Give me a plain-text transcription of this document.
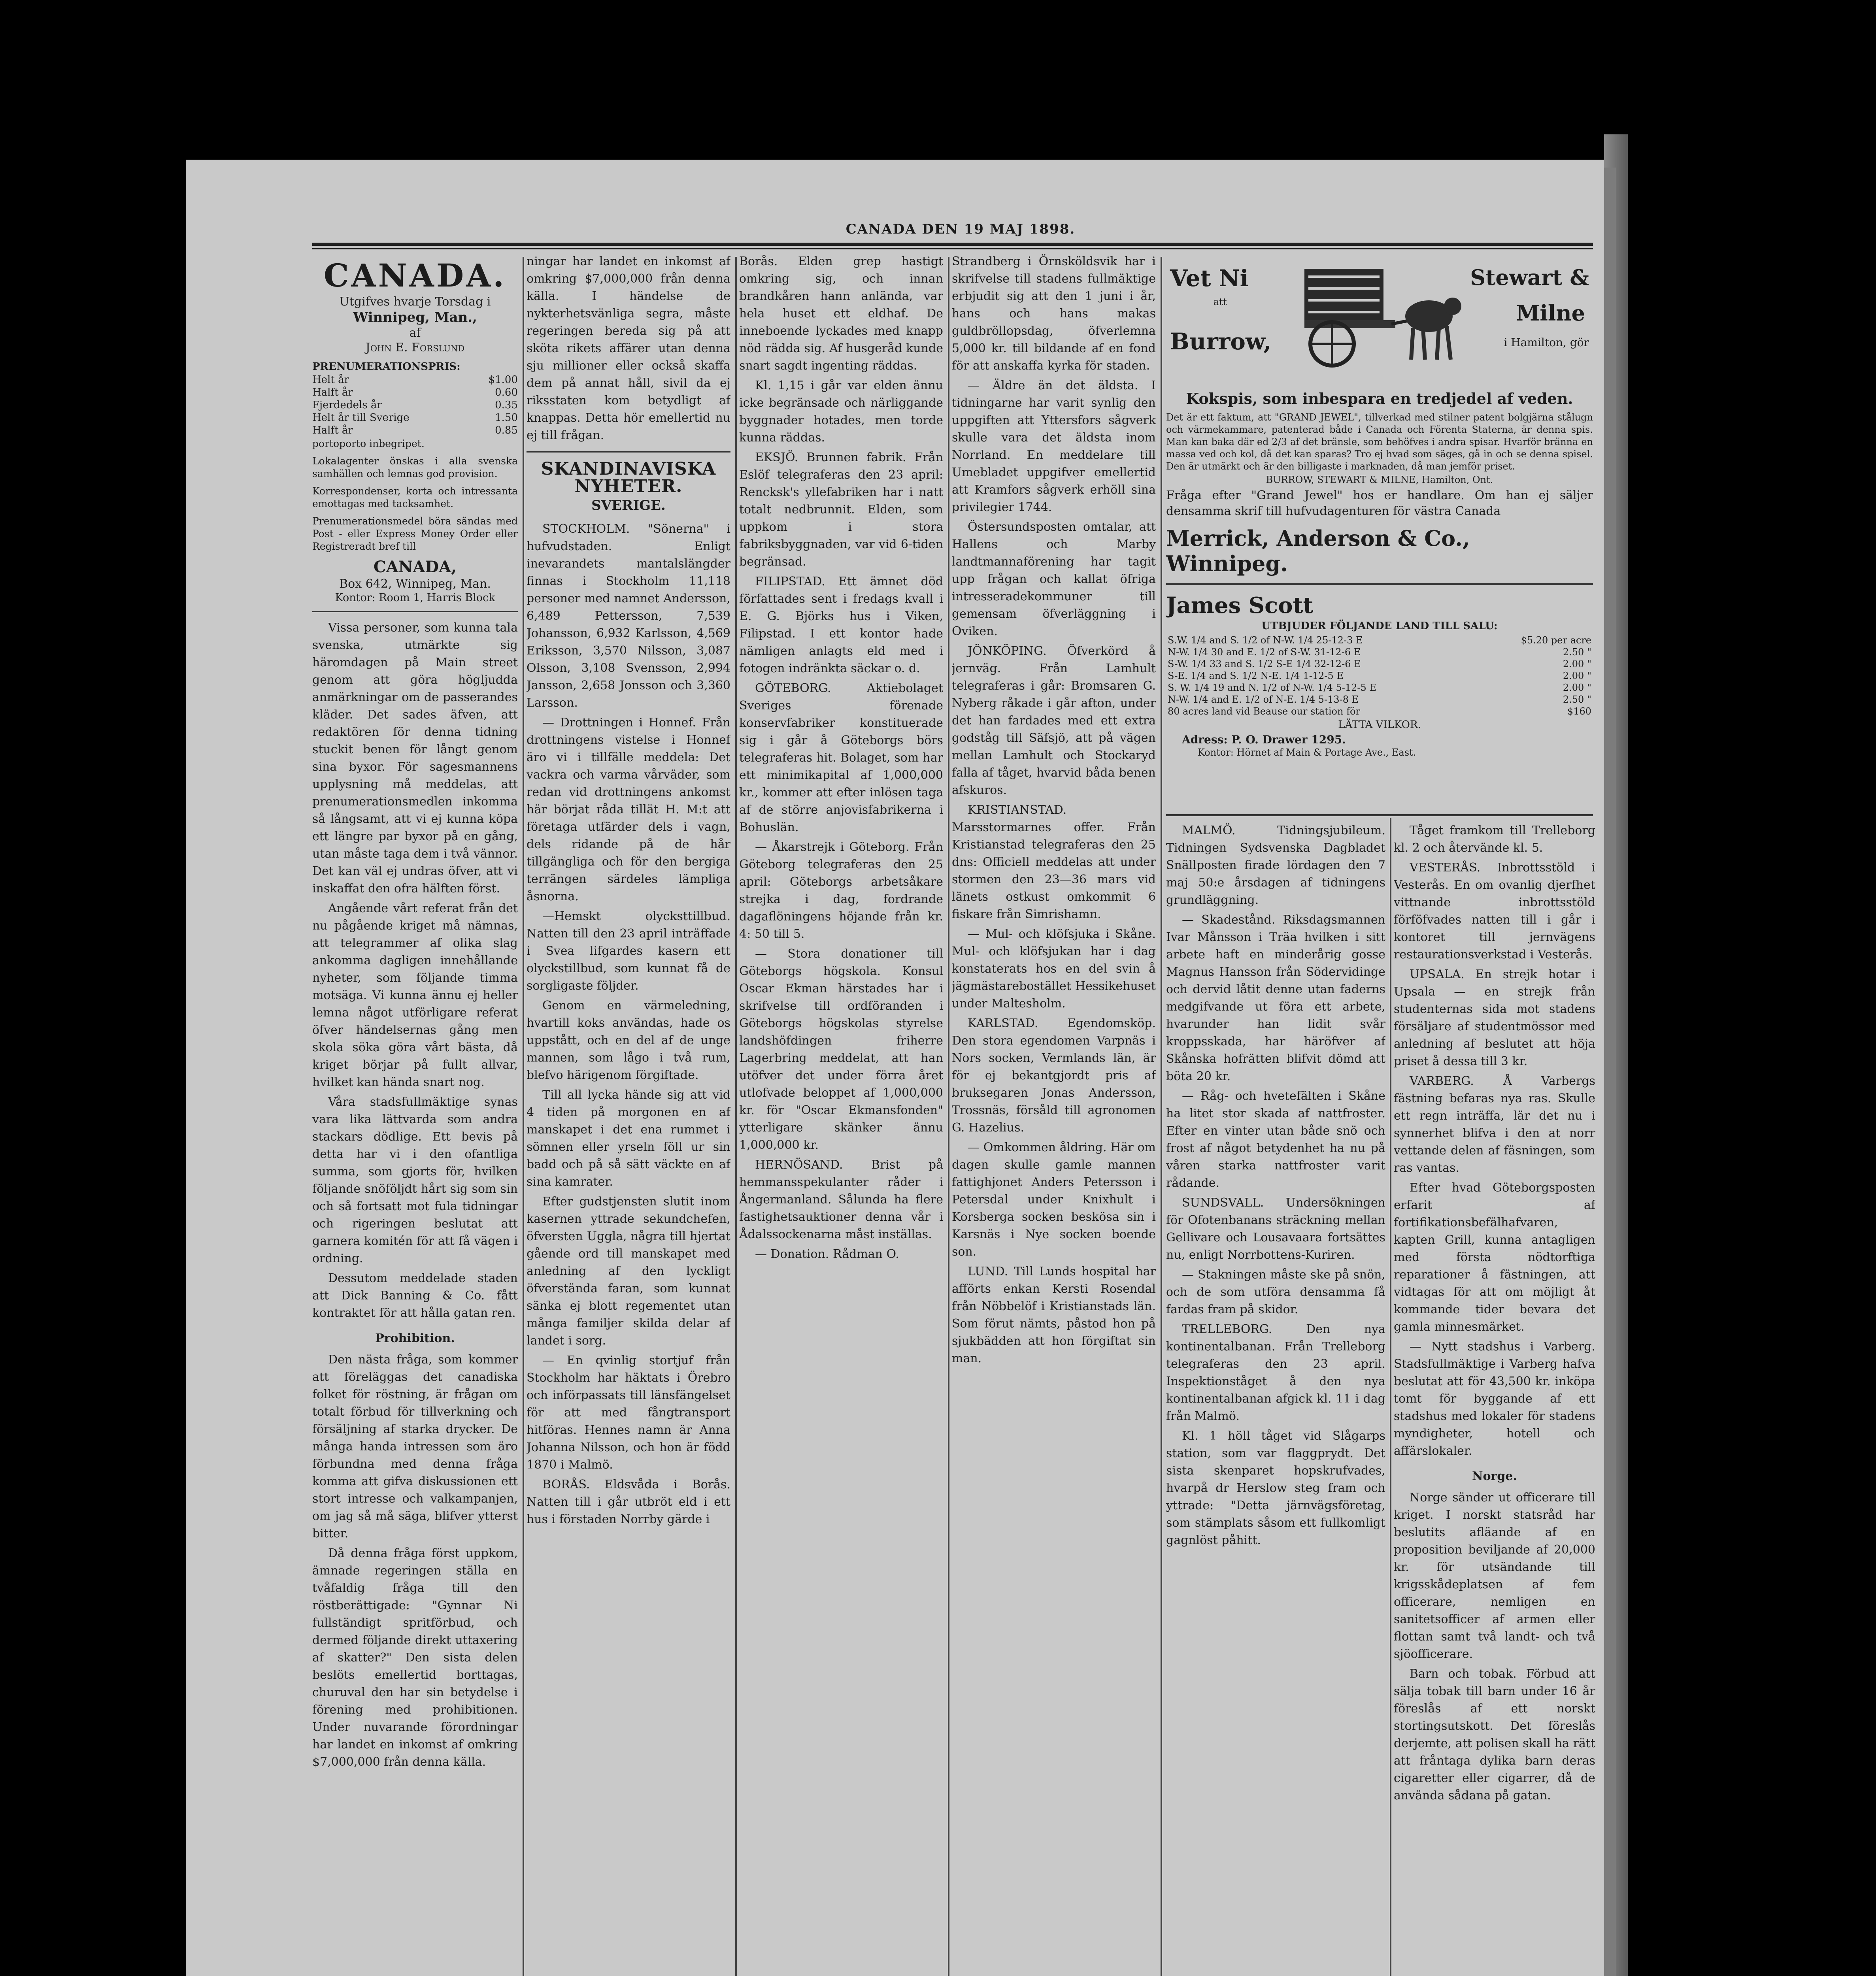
CANADA DEN 19 MAJ 1898.
CANADA.

Utgifves hvarje Torsdag i

Winnipeg, Man.,

af

John E. Forslund

PRENUMERATIONSPRIS:

Helt år	$1.00
Halft år	0.60
Fjerdedels år	0.35
Helt år till Sverige	1.50
Halft år	0.85

portoporto inbegripet.

Lokalagenter önskas i alla svenska samhällen och lemnas god provision.

Korrespondenser, korta och intressanta emottagas med tacksamhet.

Prenumerationsmedel böra sändas med Post - eller Express Money Order eller Registreradt bref till

CANADA,

Box 642, Winnipeg, Man.

Kontor: Room 1, Harris Block

Vissa personer, som kunna tala svenska, utmärkte sig häromdagen på Main street genom att göra högljudda anmärkningar om de passerandes kläder. Det sades äfven, att redaktören för denna tidning stuckit benen för långt genom sina byxor. För sagesmannens upplysning må meddelas, att prenumerationsmedlen inkomma så långsamt, att vi ej kunna köpa ett längre par byxor på en gång, utan måste taga dem i två vännor. Det kan väl ej undras öfver, att vi inskaffat den ofra hälften först.

Angående vårt referat från det nu pågående kriget må nämnas, att telegrammer af olika slag ankomma dagligen innehållande nyheter, som följande timma motsäga. Vi kunna ännu ej heller lemna något utförligare referat öfver händelsernas gång men skola söka göra vårt bästa, då kriget börjar på fullt allvar, hvilket kan hända snart nog.

Våra stadsfullmäktige synas vara lika lättvarda som andra stackars dödlige. Ett bevis på detta har vi i den ofantliga summa, som gjorts för, hvilken följande snöföljdt hårt sig som sin och så fortsatt mot fula tidningar och rigeringen beslutat att garnera komitén för att få vägen i ordning.

Dessutom meddelade staden att Dick Banning & Co. fått kontraktet för att hålla gatan ren.

Prohibition.

Den nästa fråga, som kommer att föreläggas det canadiska folket för röstning, är frågan om totalt förbud för tillverkning och försäljning af starka drycker. De många handa intressen som äro förbundna med denna fråga komma att gifva diskussionen ett stort intresse och valkampanjen, om jag så må säga, blifver ytterst bitter.

Då denna fråga först uppkom, ämnade regeringen ställa en tvåfaldig fråga till den röstberättigade: "Gynnar Ni fullständigt spritförbud, och dermed följande direkt uttaxering af skatter?" Den sista delen beslöts emellertid borttagas, churuval den har sin betydelse i förening med prohibitionen. Under nuvarande förordningar har landet en inkomst af omkring $7,000,000 från denna källa.

ningar har landet en inkomst af omkring $7,000,000 från denna källa. I händelse de nykterhetsvänliga segra, måste regeringen bereda sig på att sköta rikets affärer utan denna sju millioner eller också skaffa dem på annat håll, sivil da ej riksstaten kom betydligt af knappas. Detta hör emellertid nu ej till frågan.

SKANDINAVISKA NYHETER.

SVERIGE.

STOCKHOLM. "Sönerna" i hufvudstaden. Enligt inevarandets mantalslängder finnas i Stockholm 11,118 personer med namnet Andersson, 6,489 Pettersson, 7,539 Johansson, 6,932 Karlsson, 4,569 Eriksson, 3,570 Nilsson, 3,087 Olsson, 3,108 Svensson, 2,994 Jansson, 2,658 Jonsson och 3,360 Larsson.

— Drottningen i Honnef. Från drottningens vistelse i Honnef äro vi i tillfälle meddela: Det vackra och varma vårväder, som redan vid drottningens ankomst här börjat råda tillät H. M:t att företaga utfärder dels i vagn, dels ridande på de hår tillgängliga och för den bergiga terrängen särdeles lämpliga åsnorna.

—Hemskt olycksttillbud. Natten till den 23 april inträffade i Svea lifgardes kasern ett olyckstillbud, som kunnat få de sorgligaste följder.

Genom en värmeledning, hvartill koks användas, hade os uppstått, och en del af de unge mannen, som lågo i två rum, blefvo härigenom förgiftade.

Till all lycka hände sig att vid 4 tiden på morgonen en af manskapet i det ena rummet i sömnen eller yrseln föll ur sin badd och på så sätt väckte en af sina kamrater.

Efter gudstjensten slutit inom kasernen yttrade sekundchefen, öfversten Uggla, några till hjertat gående ord till manskapet med anledning af den lyckligt öfverstända faran, som kunnat sänka ej blott regementet utan många familjer skilda delar af landet i sorg.

— En qvinlig stortjuf från Stockholm har häktats i Örebro och införpassats till länsfängelset för att med fångtransport hitföras. Hennes namn är Anna Johanna Nilsson, och hon är född 1870 i Malmö.

BORÅS. Eldsvåda i Borås. Natten till i går utbröt eld i ett hus i förstaden Norrby gärde i

Borås. Elden grep hastigt omkring sig, och innan brandkåren hann anlända, var hela huset ett eldhaf. De inneboende lyckades med knapp nöd rädda sig. Af husgeråd kunde snart sagdt ingenting räddas.

Kl. 1,15 i går var elden ännu icke begränsade och närliggande byggnader hotades, men torde kunna räddas.

EKSJÖ. Brunnen fabrik. Från Eslöf telegraferas den 23 april: Rencksk's yllefabriken har i natt totalt nedbrunnit. Elden, som uppkom i stora fabriksbyggnaden, var vid 6-tiden begränsad.

FILIPSTAD. Ett ämnet död författades sent i fredags kvall i E. G. Björks hus i Viken, Filipstad. I ett kontor hade nämligen anlagts eld med i fotogen indränkta säckar o. d.

GÖTEBORG. Aktiebolaget Sveriges förenade konservfabriker konstituerade sig i går å Göteborgs börs telegraferas hit. Bolaget, som har ett minimikapital af 1,000,000 kr., kommer att efter inlösen taga af de större anjovisfabrikerna i Bohuslän.

— Åkarstrejk i Göteborg. Från Göteborg telegraferas den 25 april: Göteborgs arbetsåkare strejka i dag, fordrande dagaflöningens höjande från kr. 4: 50 till 5.

— Stora donationer till Göteborgs högskola. Konsul Oscar Ekman härstades har i skrifvelse till ordföranden i Göteborgs högskolas styrelse landshöfdingen friherre Lagerbring meddelat, att han utöfver det under förra året utlofvade beloppet af 1,000,000 kr. för "Oscar Ekmansfonden" ytterligare skänker ännu 1,000,000 kr.

HERNÖSAND. Brist på hemmansspekulanter råder i Ångermanland. Sålunda ha flere fastighetsauktioner denna vår i Ådalssockenarna måst inställas.

— Donation. Rådman O.

Strandberg i Örnsköldsvik har i skrifvelse till stadens fullmäktige erbjudit sig att den 1 juni i år, hans och hans makas guldbröllopsdag, öfverlemna 5,000 kr. till bildande af en fond för att anskaffa kyrka för staden.

— Äldre än det äldsta. I tidningarne har varit synlig den uppgiften att Yttersfors sågverk skulle vara det äldsta inom Norrland. En meddelare till Umebladet uppgifver emellertid att Kramfors sågverk erhöll sina privilegier 1744.

Östersundsposten omtalar, att Hallens och Marby landtmannaförening har tagit upp frågan och kallat öfriga intresseradekommuner till gemensam öfverläggning i Oviken.

JÖNKÖPING. Öfverkörd å jernväg. Från Lamhult telegraferas i går: Bromsaren G. Nyberg råkade i går afton, under det han fardades med ett extra godståg till Säfsjö, att på vägen mellan Lamhult och Stockaryd falla af tåget, hvarvid båda benen afskuros.

KRISTIANSTAD. Marsstormarnes offer. Från Kristianstad telegraferas den 25 dns: Officiell meddelas att under stormen den 23—36 mars vid länets ostkust omkommit 6 fiskare från Simrishamn.

— Mul- och klöfsjuka i Skåne. Mul- och klöfsjukan har i dag konstaterats hos en del svin å jägmästarebostället Hessikehuset under Maltesholm.

KARLSTAD. Egendomsköp. Den stora egendomen Varpnäs i Nors socken, Vermlands län, är för ej bekantgjordt pris af bruksegaren Jonas Andersson, Trossnäs, försåld till agronomen G. Hazelius.

— Omkommen åldring. Här om dagen skulle gamle mannen fattighjonet Anders Petersson i Petersdal under Knixhult i Korsberga socken beskösa sin i Karsnäs i Nye socken boende son.

LUND. Till Lunds hospital har afförts enkan Kersti Rosendal från Nöbbelöf i Kristianstads län. Som förut nämts, påstod hon på sjukbädden att hon förgiftat sin man.

Vet Ni
att
Burrow,
Stewart &
Milne
i Hamilton, gör

Kokspis, som inbespara en tredjedel af veden.

Det är ett faktum, att "GRAND JEWEL", tillverkad med stilner patent bolgjärna stålugn och värmekammare, patenterad både i Canada och Förenta Staterna, är denna spis. Man kan baka där ed 2/3 af det bränsle, som behöfves i andra spisar. Hvarför bränna en massa ved och kol, då det kan sparas? Tro ej hvad som säges, gå in och se denna spisel. Den är utmärkt och är den billigaste i marknaden, då man jemför priset.

BURROW, STEWART & MILNE, Hamilton, Ont.

Fråga efter "Grand Jewel" hos er handlare. Om han ej säljer densamma skrif till hufvudagenturen för västra Canada

Merrick, Anderson & Co., Winnipeg.

James Scott

UTBJUDER FÖLJANDE LAND TILL SALU:

S.W. 1/4 and S. 1/2 of N-W. 1/4 25-12-3 E	$5.20 per acre
N-W. 1/4 30 and E. 1/2 of S-W. 31-12-6 E	2.50 "
S-W. 1/4 33 and S. 1/2 S-E 1/4 32-12-6 E	2.00 "
S-E. 1/4 and S. 1/2 N-E. 1/4 1-12-5 E	2.00 "
S. W. 1/4 19 and N. 1/2 of N-W. 1/4 5-12-5 E	2.00 "
N-W. 1/4 and E. 1/2 of N-E. 1/4 5-13-8 E	2.50 "
80 acres land vid Beause our station för	$160

LÄTTA VILKOR.

Adress: P. O. Drawer 1295.

Kontor: Hörnet af Main & Portage Ave., East.

MALMÖ. Tidningsjubileum. Tidningen Sydsvenska Dagbladet Snällposten firade lördagen den 7 maj 50:e årsdagen af tidningens grundläggning.

— Skadestånd. Riksdagsmannen Ivar Månsson i Träa hvilken i sitt arbete haft en minderårig gosse Magnus Hansson från Södervidinge och dervid låtit denne utan faderns medgifvande ut föra ett arbete, hvarunder han lidit svår kroppsskada, har häröfver af Skånska hofrätten blifvit dömd att böta 20 kr.

— Råg- och hvetefälten i Skåne ha litet stor skada af nattfroster. Efter en vinter utan både snö och frost af något betydenhet ha nu på våren starka nattfroster varit rådande.

SUNDSVALL. Undersökningen för Ofotenbanans sträckning mellan Gellivare och Lousavaara fortsättes nu, enligt Norrbottens-Kuriren.

— Stakningen måste ske på snön, och de som utföra densamma få fardas fram på skidor.

TRELLEBORG. Den nya kontinentalbanan. Från Trelleborg telegraferas den 23 april. Inspektionståget å den nya kontinentalbanan afgick kl. 11 i dag från Malmö.

Kl. 1 höll tåget vid Slågarps station, som var flaggprydt. Det sista skenparet hopskrufvades, hvarpå dr Herslow steg fram och yttrade: "Detta järnvägsföretag, som stämplats såsom ett fullkomligt gagnlöst påhitt.

Tåget framkom till Trelleborg kl. 2 och återvände kl. 5.

VESTERÅS. Inbrottsstöld i Vesterås. En om ovanlig djerfhet vittnande inbrottsstöld förföfvades natten till i går i kontoret till jernvägens restaurationsverkstad i Vesterås.

UPSALA. En strejk hotar i Upsala — en strejk från studenternas sida mot stadens försäljare af studentmössor med anledning af beslutet att höja priset å dessa till 3 kr.

VARBERG. Å Varbergs fästning befaras nya ras. Skulle ett regn inträffa, lär det nu i synnerhet blifva i den at norr vettande delen af fäsningen, som ras vantas.

Efter hvad Göteborgsposten erfarit af fortifikationsbefälhafvaren, kapten Grill, kunna antagligen med första nödtorftiga reparationer å fästningen, att vidtagas för att om möjligt åt kommande tider bevara det gamla minnesmärket.

— Nytt stadshus i Varberg. Stadsfullmäktige i Varberg hafva beslutat att för 43,500 kr. inköpa tomt för byggande af ett stadshus med lokaler för stadens myndigheter, hotell och affärslokaler.

Norge.

Norge sänder ut officerare till kriget. I norskt statsråd har beslutits afläande af en proposition beviljande af 20,000 kr. för utsändande till krigsskådeplatsen af fem officerare, nemligen en sanitetsofficer af armen eller flottan samt två landt- och två sjöofficerare.

Barn och tobak. Förbud att sälja tobak till barn under 16 år föreslås af ett norskt stortingsutskott. Det föreslås derjemte, att polisen skall ha rätt att fråntaga dylika barn deras cigaretter eller cigarrer, då de använda sådana på gatan.
